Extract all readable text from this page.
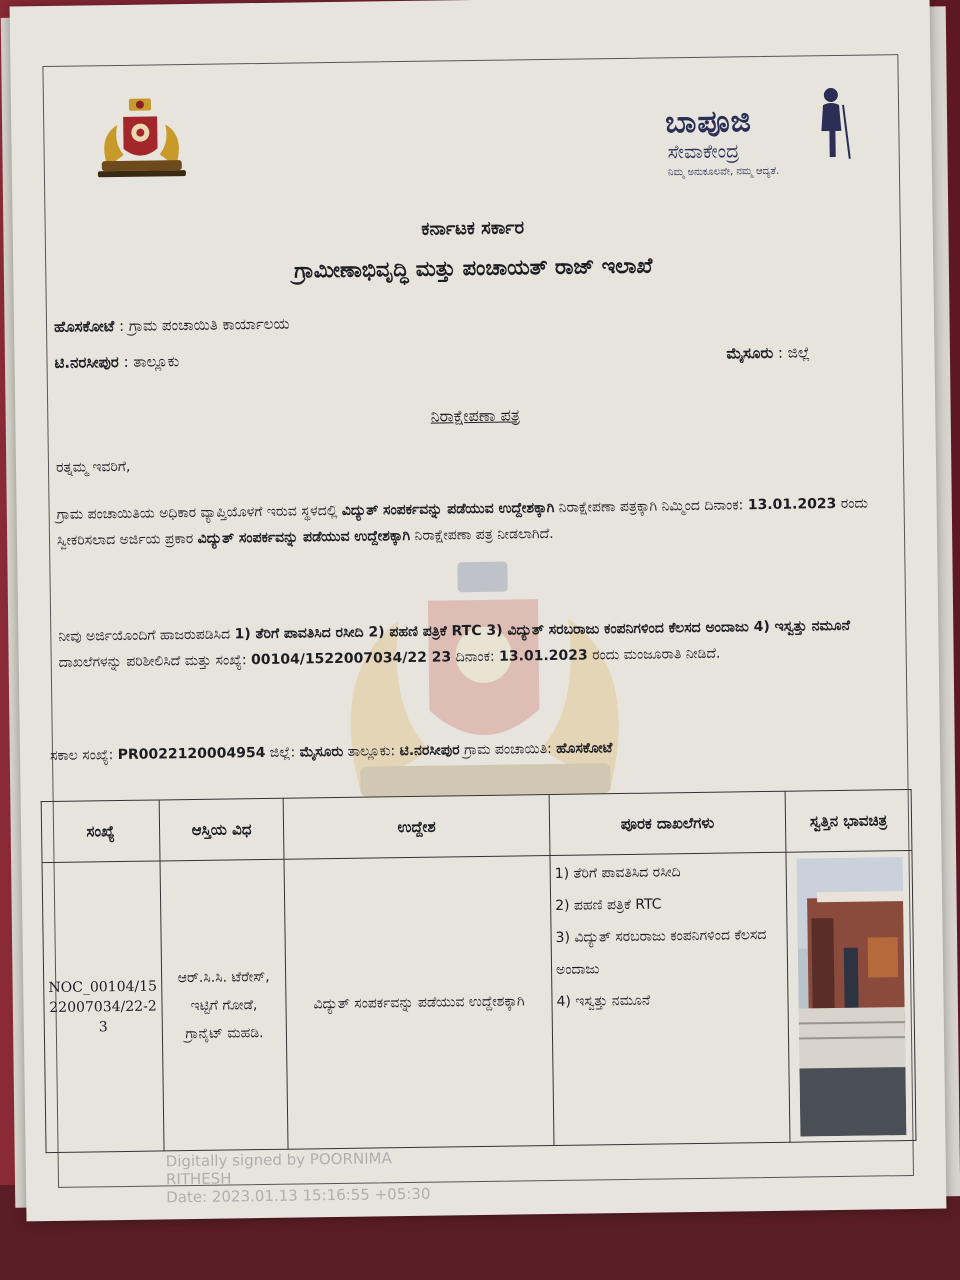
ಬಾಪೂಜಿ
ಸೇವಾಕೇಂದ್ರ
ನಿಮ್ಮ ಅನುಕೂಲವೇ, ನಮ್ಮ ಆದ್ಯತೆ.
ಕರ್ನಾಟಕ ಸರ್ಕಾರ
ಗ್ರಾಮೀಣಾಭಿವೃದ್ಧಿ ಮತ್ತು ಪಂಚಾಯತ್ ರಾಜ್ ಇಲಾಖೆ
ಹೊಸಕೋಟೆ : ಗ್ರಾಮ ಪಂಚಾಯಿತಿ ಕಾರ್ಯಾಲಯ
ಟಿ.ನರಸೀಪುರ : ತಾಲ್ಲೂಕು	ಮೈಸೂರು : ಜಿಲ್ಲೆ
ನಿರಾಕ್ಷೇಪಣಾ ಪತ್ರ
ರತ್ನಮ್ಮ ಇವರಿಗೆ,
ಗ್ರಾಮ ಪಂಚಾಯಿತಿಯ ಅಧಿಕಾರ ವ್ಯಾಪ್ತಿಯೊಳಗೆ ಇರುವ ಸ್ಥಳದಲ್ಲಿ ವಿದ್ಯುತ್ ಸಂಪರ್ಕವನ್ನು ಪಡೆಯುವ ಉದ್ದೇಶಕ್ಕಾಗಿ ನಿರಾಕ್ಷೇಪಣಾ ಪತ್ರಕ್ಕಾಗಿ ನಿಮ್ಮಿಂದ ದಿನಾಂಕ: 13.01.2023 ರಂದು ಸ್ವೀಕರಿಸಲಾದ ಅರ್ಜಿಯ ಪ್ರಕಾರ ವಿದ್ಯುತ್ ಸಂಪರ್ಕವನ್ನು ಪಡೆಯುವ ಉದ್ದೇಶಕ್ಕಾಗಿ ನಿರಾಕ್ಷೇಪಣಾ ಪತ್ರ ನೀಡಲಾಗಿದೆ.
ನೀವು ಅರ್ಜಿಯೊಂದಿಗೆ ಹಾಜರುಪಡಿಸಿದ 1) ತೆರಿಗೆ ಪಾವತಿಸಿದ ರಸೀದಿ 2) ಪಹಣಿ ಪತ್ರಿಕೆ RTC 3) ವಿದ್ಯುತ್ ಸರಬರಾಜು ಕಂಪನಿಗಳಿಂದ ಕೆಲಸದ ಅಂದಾಜು 4) ಇಸ್ವತ್ತು ನಮೂನೆ ದಾಖಲೆಗಳನ್ನು ಪರಿಶೀಲಿಸಿದೆ ಮತ್ತು ಸಂಖ್ಯೆ: 00104/1522007034/22 23 ದಿನಾಂಕ: 13.01.2023 ರಂದು ಮಂಜೂರಾತಿ ನೀಡಿದೆ.
ಸಕಾಲ ಸಂಖ್ಯೆ: PR0022120004954 ಜಿಲ್ಲೆ: ಮೈಸೂರು ತಾಲ್ಲೂಕು: ಟಿ.ನರಸೀಪುರ ಗ್ರಾಮ ಪಂಚಾಯಿತಿ: ಹೊಸಕೋಟೆ
ಸಂಖ್ಯೆ	ಆಸ್ತಿಯ ವಿಧ	ಉದ್ದೇಶ	ಪೂರಕ ದಾಖಲೆಗಳು	ಸ್ವತ್ತಿನ ಭಾವಚಿತ್ರ
NOC_00104/1522007034/22-23	ಆರ್.ಸಿ.ಸಿ. ಟೆರೇಸ್, ಇಟ್ಟಿಗೆ ಗೋಡೆ, ಗ್ರಾನೈಟ್ ಮಹಡಿ.	ವಿದ್ಯುತ್ ಸಂಪರ್ಕವನ್ನು ಪಡೆಯುವ ಉದ್ದೇಶಕ್ಕಾಗಿ	1) ತೆರಿಗೆ ಪಾವತಿಸಿದ ರಸೀದಿ
2) ಪಹಣಿ ಪತ್ರಿಕೆ RTC
3) ವಿದ್ಯುತ್ ಸರಬರಾಜು ಕಂಪನಿಗಳಿಂದ ಕೆಲಸದ ಅಂದಾಜು
4) ಇಸ್ವತ್ತು ನಮೂನೆ

Digitally signed by POORNIMA
RITHESH
Date: 2023.01.13 15:16:55 +05:30
